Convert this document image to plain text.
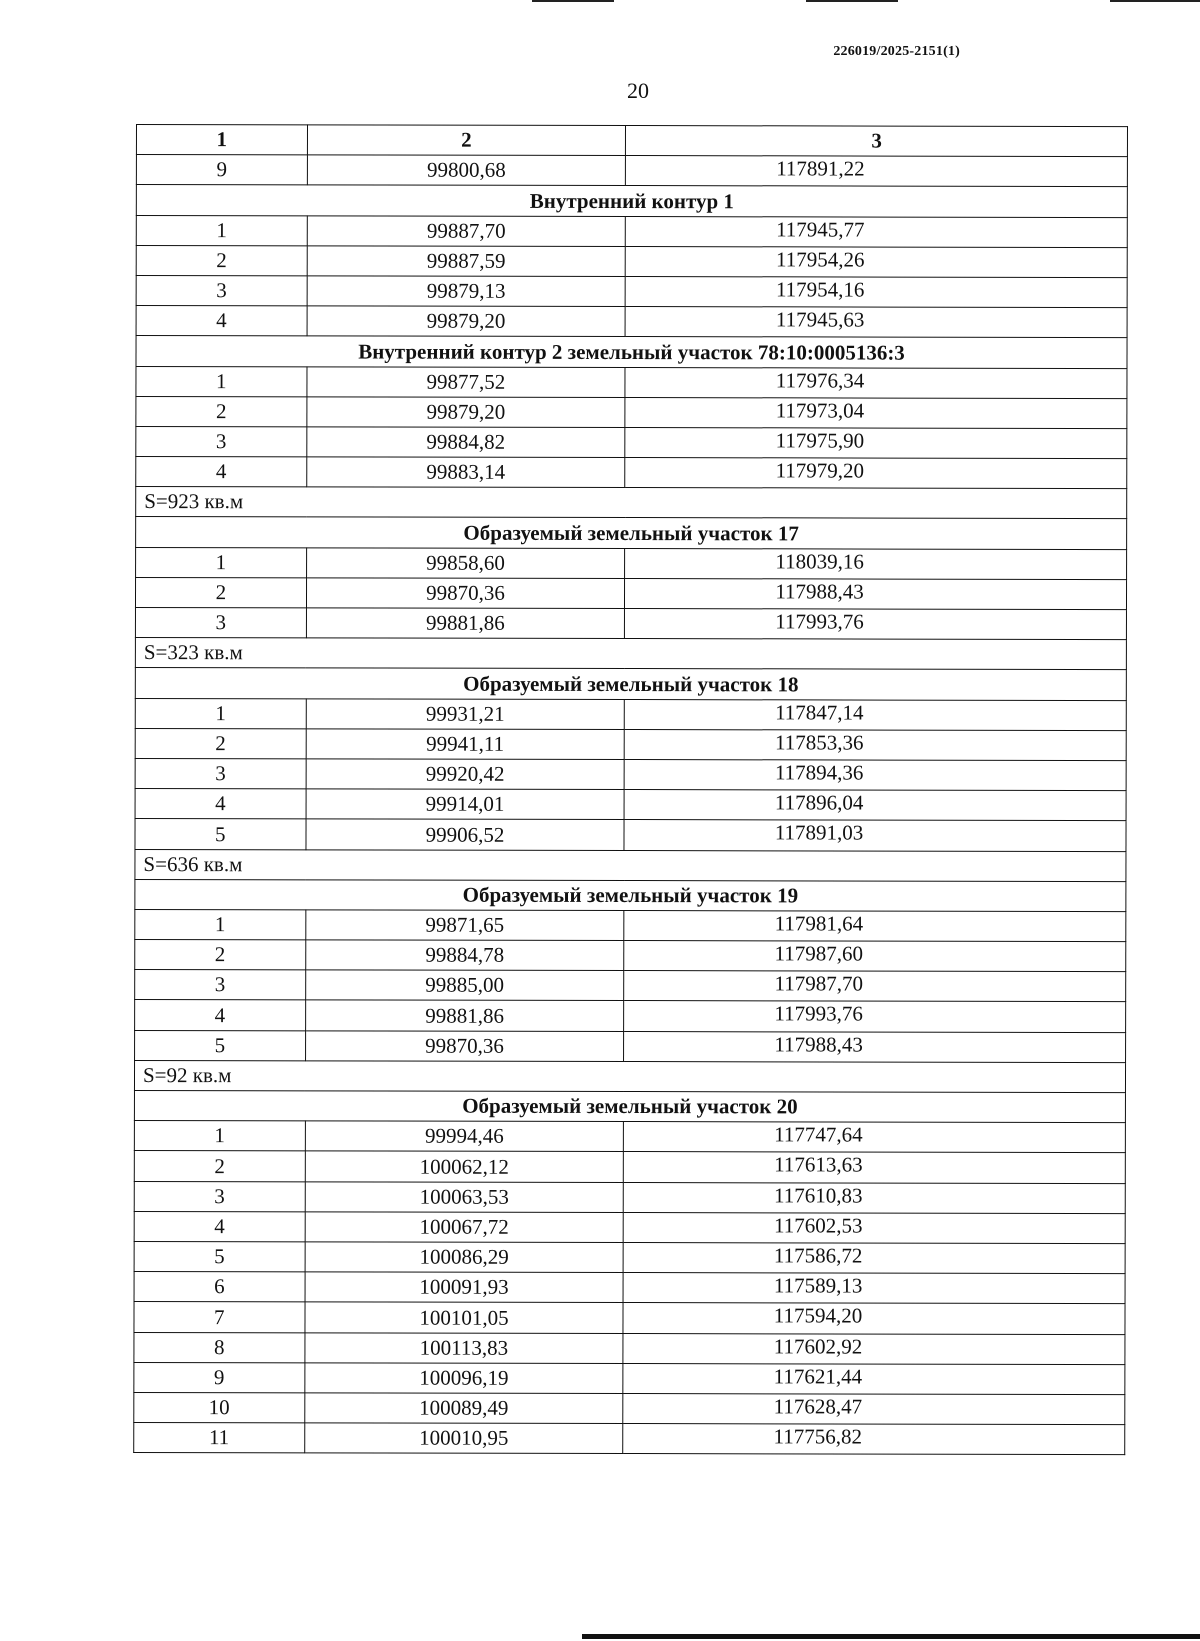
226019/2025-2151(1)
20
1	2	3
9	99800,68	117891,22
Внутренний контур 1		
1	99887,70	117945,77
2	99887,59	117954,26
3	99879,13	117954,16
4	99879,20	117945,63
Внутренний контур 2 земельный участок 78:10:0005136:3		
1	99877,52	117976,34
2	99879,20	117973,04
3	99884,82	117975,90
4	99883,14	117979,20
S=923 кв.м		
Образуемый земельный участок 17		
1	99858,60	118039,16
2	99870,36	117988,43
3	99881,86	117993,76
S=323 кв.м		
Образуемый земельный участок 18		
1	99931,21	117847,14
2	99941,11	117853,36
3	99920,42	117894,36
4	99914,01	117896,04
5	99906,52	117891,03
S=636 кв.м		
Образуемый земельный участок 19		
1	99871,65	117981,64
2	99884,78	117987,60
3	99885,00	117987,70
4	99881,86	117993,76
5	99870,36	117988,43
S=92 кв.м		
Образуемый земельный участок 20		
1	99994,46	117747,64
2	100062,12	117613,63
3	100063,53	117610,83
4	100067,72	117602,53
5	100086,29	117586,72
6	100091,93	117589,13
7	100101,05	117594,20
8	100113,83	117602,92
9	100096,19	117621,44
10	100089,49	117628,47
11	100010,95	117756,82
